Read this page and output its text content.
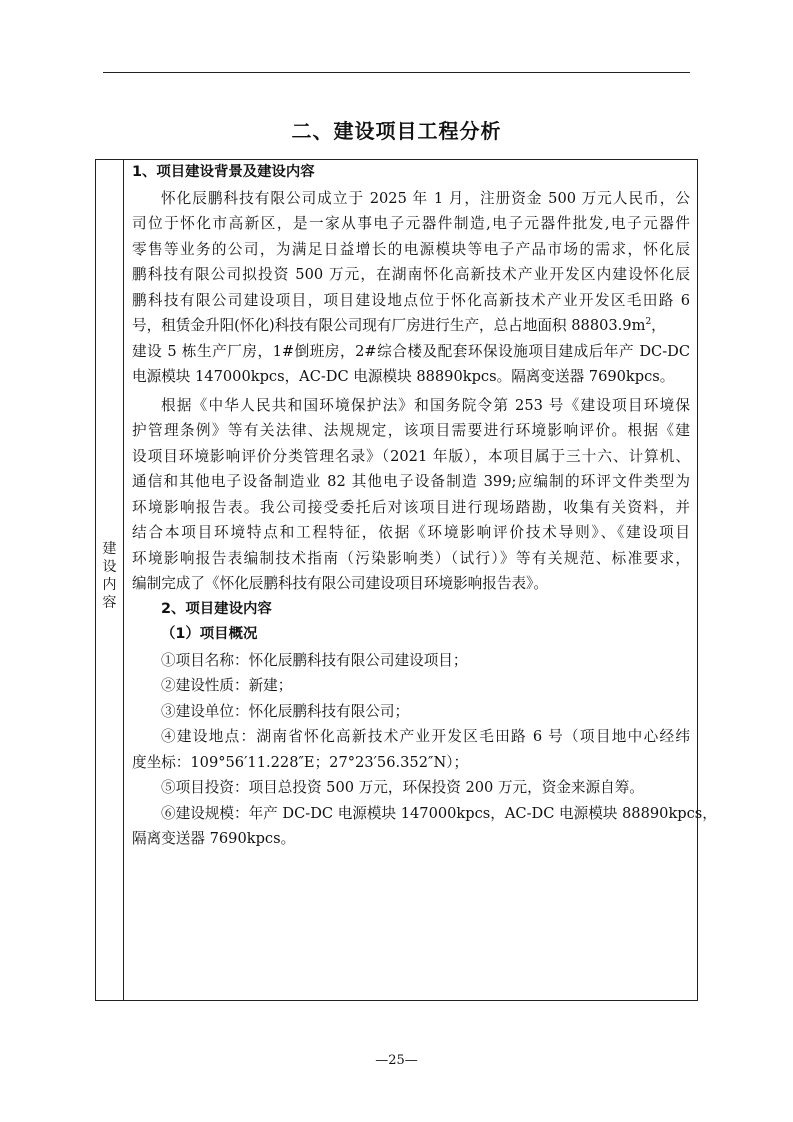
二、建设项目工程分析
建
设
内
容
1、项目建设背景及建设内容
怀化辰鹏科技有限公司成立于 2025 年 1 月，注册资金 500 万元人民币，公
司位于怀化市高新区，是一家从事电子元器件制造,电子元器件批发,电子元器件
零售等业务的公司，为满足日益增长的电源模块等电子产品市场的需求，怀化辰
鹏科技有限公司拟投资 500 万元，在湖南怀化高新技术产业开发区内建设怀化辰
鹏科技有限公司建设项目，项目建设地点位于怀化高新技术产业开发区毛田路 6
号，租赁金升阳(怀化)科技有限公司现有厂房进行生产，总占地面积 $88803.9m^2$，
建设 5 栋生产厂房，1#倒班房，2#综合楼及配套环保设施项目建成后年产 DC-DC
电源模块 147000kpcs，AC-DC 电源模块 88890kpcs。隔离变送器 7690kpcs。
根据《中华人民共和国环境保护法》和国务院令第 253 号《建设项目环境保
护管理条例》等有关法律、法规规定，该项目需要进行环境影响评价。根据《建
设项目环境影响评价分类管理名录》（2021 年版），本项目属于三十六、计算机、
通信和其他电子设备制造业 82 其他电子设备制造 399;应编制的环评文件类型为
环境影响报告表。我公司接受委托后对该项目进行现场踏勘，收集有关资料，并
结合本项目环境特点和工程特征，依据《环境影响评价技术导则》、《建设项目
环境影响报告表编制技术指南（污染影响类）（试行）》等有关规范、标准要求，
编制完成了《怀化辰鹏科技有限公司建设项目环境影响报告表》。
2、项目建设内容
（1）项目概况
①项目名称：怀化辰鹏科技有限公司建设项目；
②建设性质：新建；
③建设单位：怀化辰鹏科技有限公司；
④建设地点：湖南省怀化高新技术产业开发区毛田路 6 号（项目地中心经纬
度坐标：109°56′11.228″E；27°23′56.352″N）；
⑤项目投资：项目总投资 500 万元，环保投资 200 万元，资金来源自筹。
⑥建设规模：年产 DC-DC 电源模块 147000kpcs，AC-DC 电源模块 88890kpcs，
隔离变送器 7690kpcs。
—25—
